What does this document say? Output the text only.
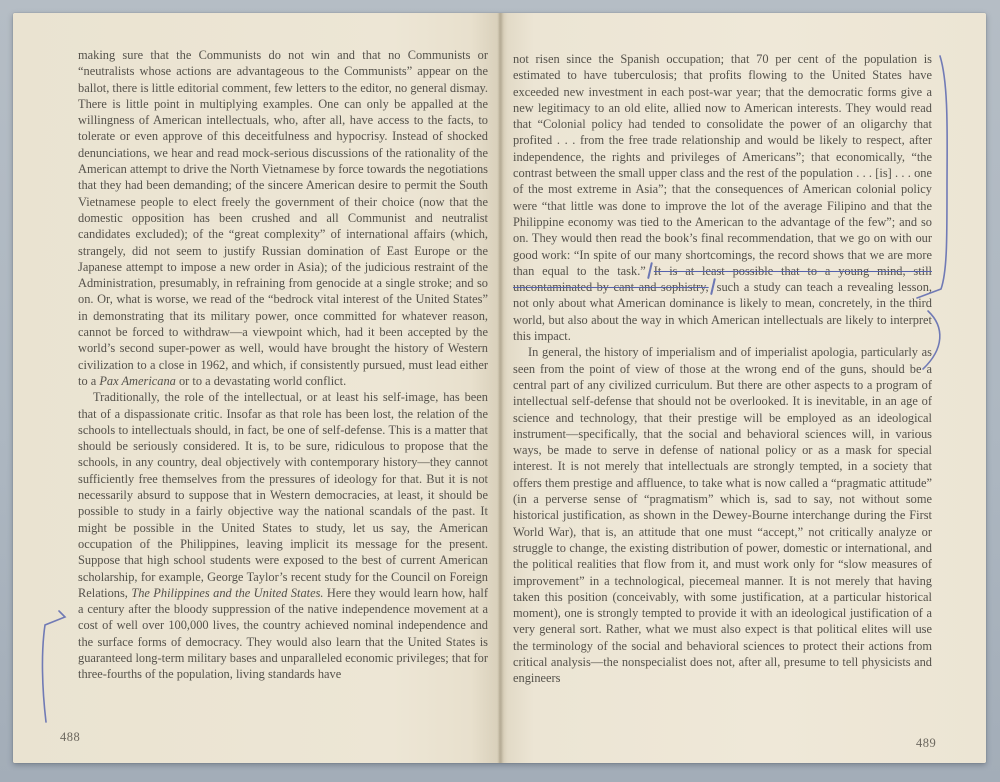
making sure that the Communists do not win and that no Communists or “neutralists whose actions are advantageous to the Communists” appear on the ballot, there is little editorial comment, few letters to the editor, no general dismay. There is little point in multiplying examples. One can only be appalled at the willingness of American intellectuals, who, after all, have access to the facts, to tolerate or even approve of this deceitfulness and hypocrisy. Instead of shocked denunciations, we hear and read mock-serious discussions of the rationality of the American attempt to drive the North Vietnamese by force towards the negotiations that they had been demanding; of the sincere American desire to permit the South Vietnamese people to elect freely the government of their choice (now that the domestic opposition has been crushed and all Communist and neutralist candidates excluded); of the “great complexity” of international affairs (which, strangely, did not seem to justify Russian domination of East Europe or the Japanese attempt to impose a new order in Asia); of the judicious restraint of the Administration, presumably, in refraining from genocide at a single stroke; and so on. Or, what is worse, we read of the “bedrock vital interest of the United States” in demonstrating that its military power, once committed for whatever reason, cannot be forced to withdraw—a viewpoint which, had it been accepted by the world’s second super-power as well, would have brought the history of Western civilization to a close in 1962, and which, if consistently pursued, must lead either to a Pax Americana or to a devastating world conflict.

Traditionally, the role of the intellectual, or at least his self-image, has been that of a dispassionate critic. Insofar as that role has been lost, the relation of the schools to intellectuals should, in fact, be one of self-defense. This is a matter that should be seriously considered. It is, to be sure, ridiculous to propose that the schools, in any country, deal objectively with contemporary history—they cannot sufficiently free themselves from the pressures of ideology for that. But it is not necessarily absurd to suppose that in Western democracies, at least, it should be possible to study in a fairly objective way the national scandals of the past. It might be possible in the United States to study, let us say, the American occupation of the Philippines, leaving implicit its message for the present. Suppose that high school students were exposed to the best of current American scholarship, for example, George Taylor’s recent study for the Council on Foreign Relations, The Philippines and the United States. Here they would learn how, half a century after the bloody suppression of the native independence movement at a cost of well over 100,000 lives, the country achieved nominal independence and the surface forms of democracy. They would also learn that the United States is guaranteed long-term military bases and unparalleled economic privileges; that for three-fourths of the population, living standards have

488

not risen since the Spanish occupation; that 70 per cent of the population is estimated to have tuberculosis; that profits flowing to the United States have exceeded new investment in each post-war year; that the democratic forms give a new legitimacy to an old elite, allied now to American interests. They would read that “Colonial policy had tended to consolidate the power of an oligarchy that profited . . . from the free trade relationship and would be likely to respect, after independence, the rights and privileges of Americans”; that economically, “the contrast between the small upper class and the rest of the population . . . [is] . . . one of the most extreme in Asia”; that the consequences of American colonial policy were “that little was done to improve the lot of the average Filipino and that the Philippine economy was tied to the American to the advantage of the few”; and so on. They would then read the book’s final recommendation, that we go on with our good work: “In spite of our many shortcomings, the record shows that we are more than equal to the task.” It is at least possible that to a young mind, still uncontaminated by cant and sophistry, such a study can teach a revealing lesson, not only about what American dominance is likely to mean, concretely, in the third world, but also about the way in which American intellectuals are likely to interpret this impact.

In general, the history of imperialism and of imperialist apologia, particularly as seen from the point of view of those at the wrong end of the guns, should be a central part of any civilized curriculum. But there are other aspects to a program of intellectual self-defense that should not be overlooked. It is inevitable, in an age of science and technology, that their prestige will be employed as an ideological instrument—specifically, that the social and behavioral sciences will, in various ways, be made to serve in defense of national policy or as a mask for special interest. It is not merely that intellectuals are strongly tempted, in a society that offers them prestige and affluence, to take what is now called a “pragmatic attitude” (in a perverse sense of “pragmatism” which is, sad to say, not without some historical justification, as shown in the Dewey-Bourne interchange during the First World War), that is, an attitude that one must “accept,” not critically analyze or struggle to change, the existing distribution of power, domestic or international, and the political realities that flow from it, and must work only for “slow measures of improvement” in a technological, piecemeal manner. It is not merely that having taken this position (conceivably, with some justification, at a particular historical moment), one is strongly tempted to provide it with an ideological justification of a very general sort. Rather, what we must also expect is that political elites will use the terminology of the social and behavioral sciences to protect their actions from critical analysis—the nonspecialist does not, after all, presume to tell physicists and engineers

489
